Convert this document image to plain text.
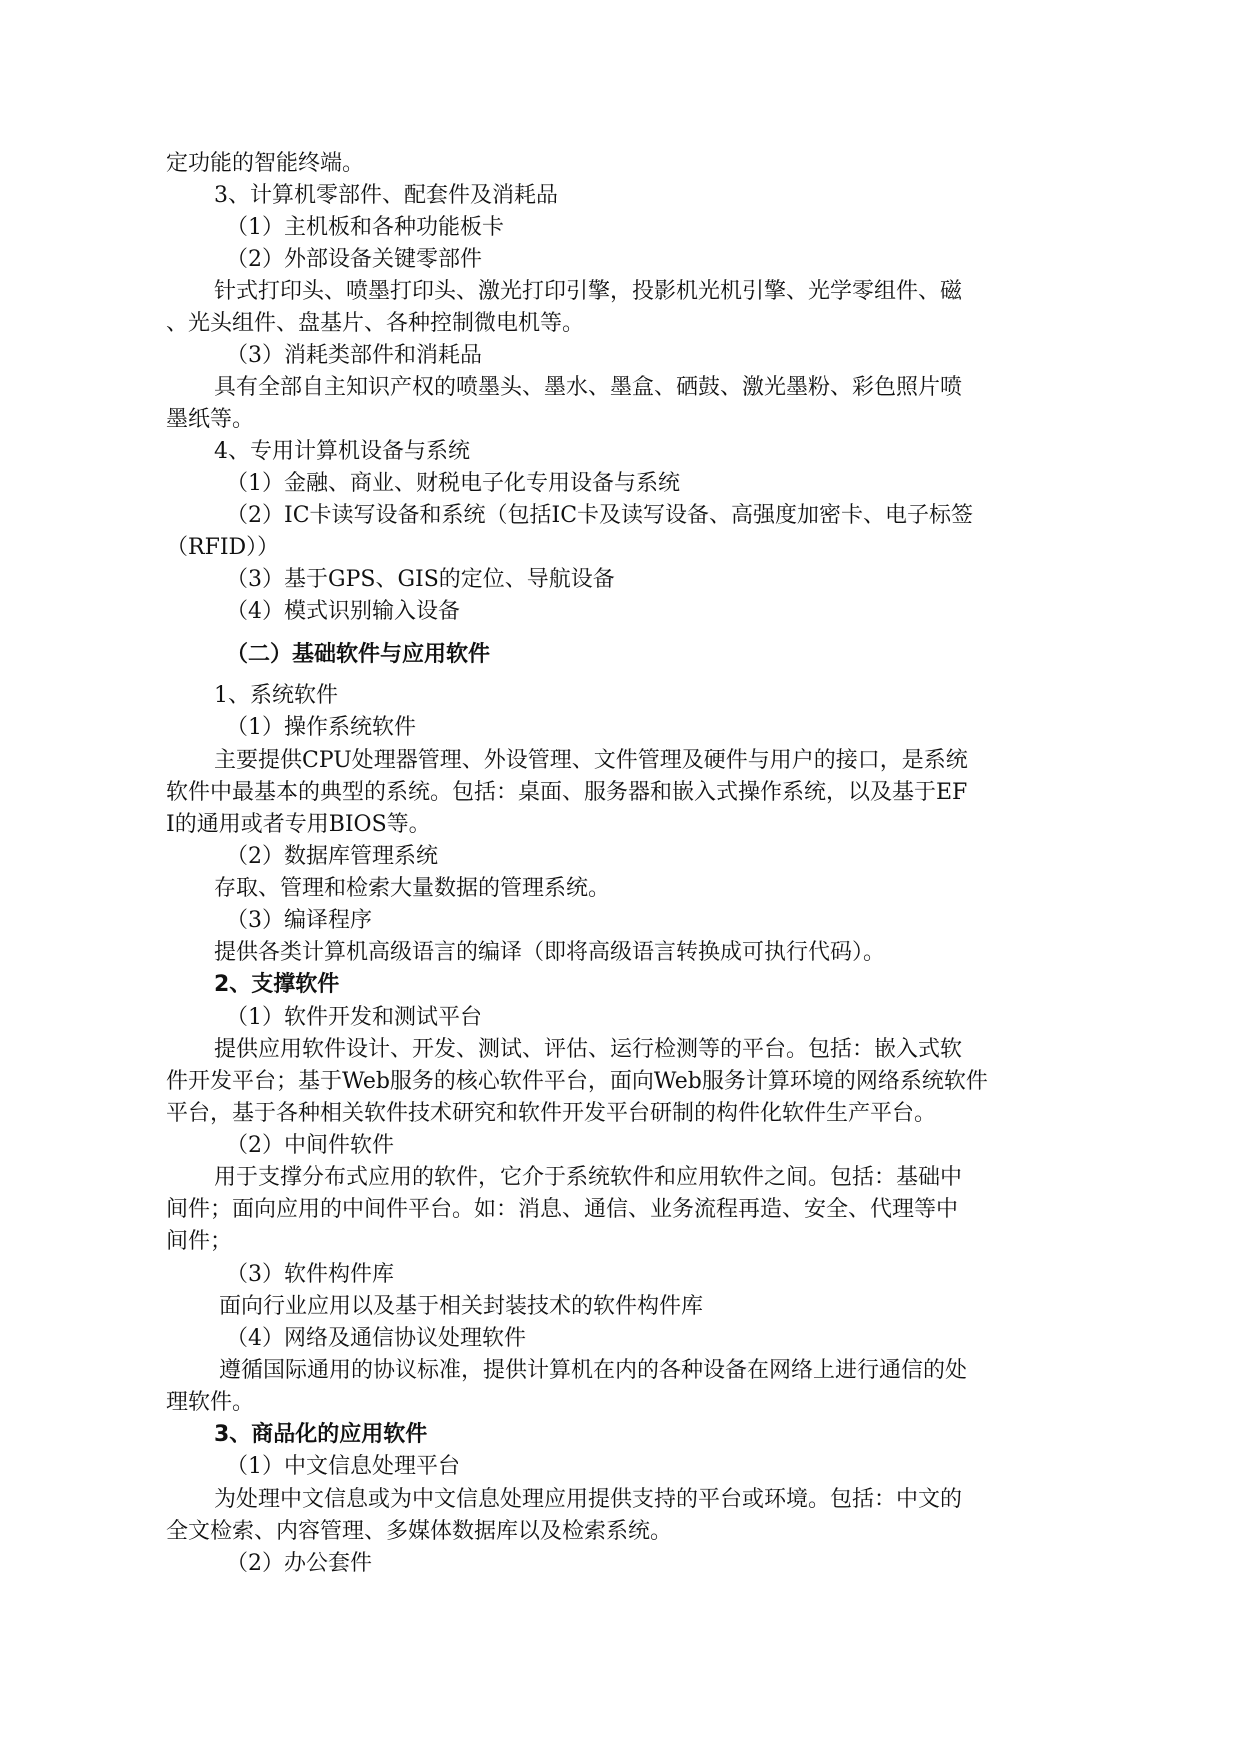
定功能的智能终端。

3、计算机零部件、配套件及消耗品

（1）主机板和各种功能板卡

（2）外部设备关键零部件

针式打印头、喷墨打印头、激光打印引擎，投影机光机引擎、光学零组件、磁

、光头组件、盘基片、各种控制微电机等。

（3）消耗类部件和消耗品

具有全部自主知识产权的喷墨头、墨水、墨盒、硒鼓、激光墨粉、彩色照片喷

墨纸等。

4、专用计算机设备与系统

（1）金融、商业、财税电子化专用设备与系统

（2）IC卡读写设备和系统（包括IC卡及读写设备、高强度加密卡、电子标签

（RFID））

（3）基于GPS、GIS的定位、导航设备

（4）模式识别输入设备

（二）基础软件与应用软件

1、系统软件

（1）操作系统软件

主要提供CPU处理器管理、外设管理、文件管理及硬件与用户的接口，是系统

软件中最基本的典型的系统。包括：桌面、服务器和嵌入式操作系统，以及基于EF

I的通用或者专用BIOS等。

（2）数据库管理系统

存取、管理和检索大量数据的管理系统。

（3）编译程序

提供各类计算机高级语言的编译（即将高级语言转换成可执行代码）。

2、支撑软件

（1）软件开发和测试平台

提供应用软件设计、开发、测试、评估、运行检测等的平台。包括：嵌入式软

件开发平台；基于Web服务的核心软件平台，面向Web服务计算环境的网络系统软件

平台，基于各种相关软件技术研究和软件开发平台研制的构件化软件生产平台。

（2）中间件软件

用于支撑分布式应用的软件，它介于系统软件和应用软件之间。包括：基础中

间件；面向应用的中间件平台。如：消息、通信、业务流程再造、安全、代理等中

间件；

（3）软件构件库

面向行业应用以及基于相关封装技术的软件构件库

（4）网络及通信协议处理软件

遵循国际通用的协议标准，提供计算机在内的各种设备在网络上进行通信的处

理软件。

3、商品化的应用软件

（1）中文信息处理平台

为处理中文信息或为中文信息处理应用提供支持的平台或环境。包括：中文的

全文检索、内容管理、多媒体数据库以及检索系统。

（2）办公套件
